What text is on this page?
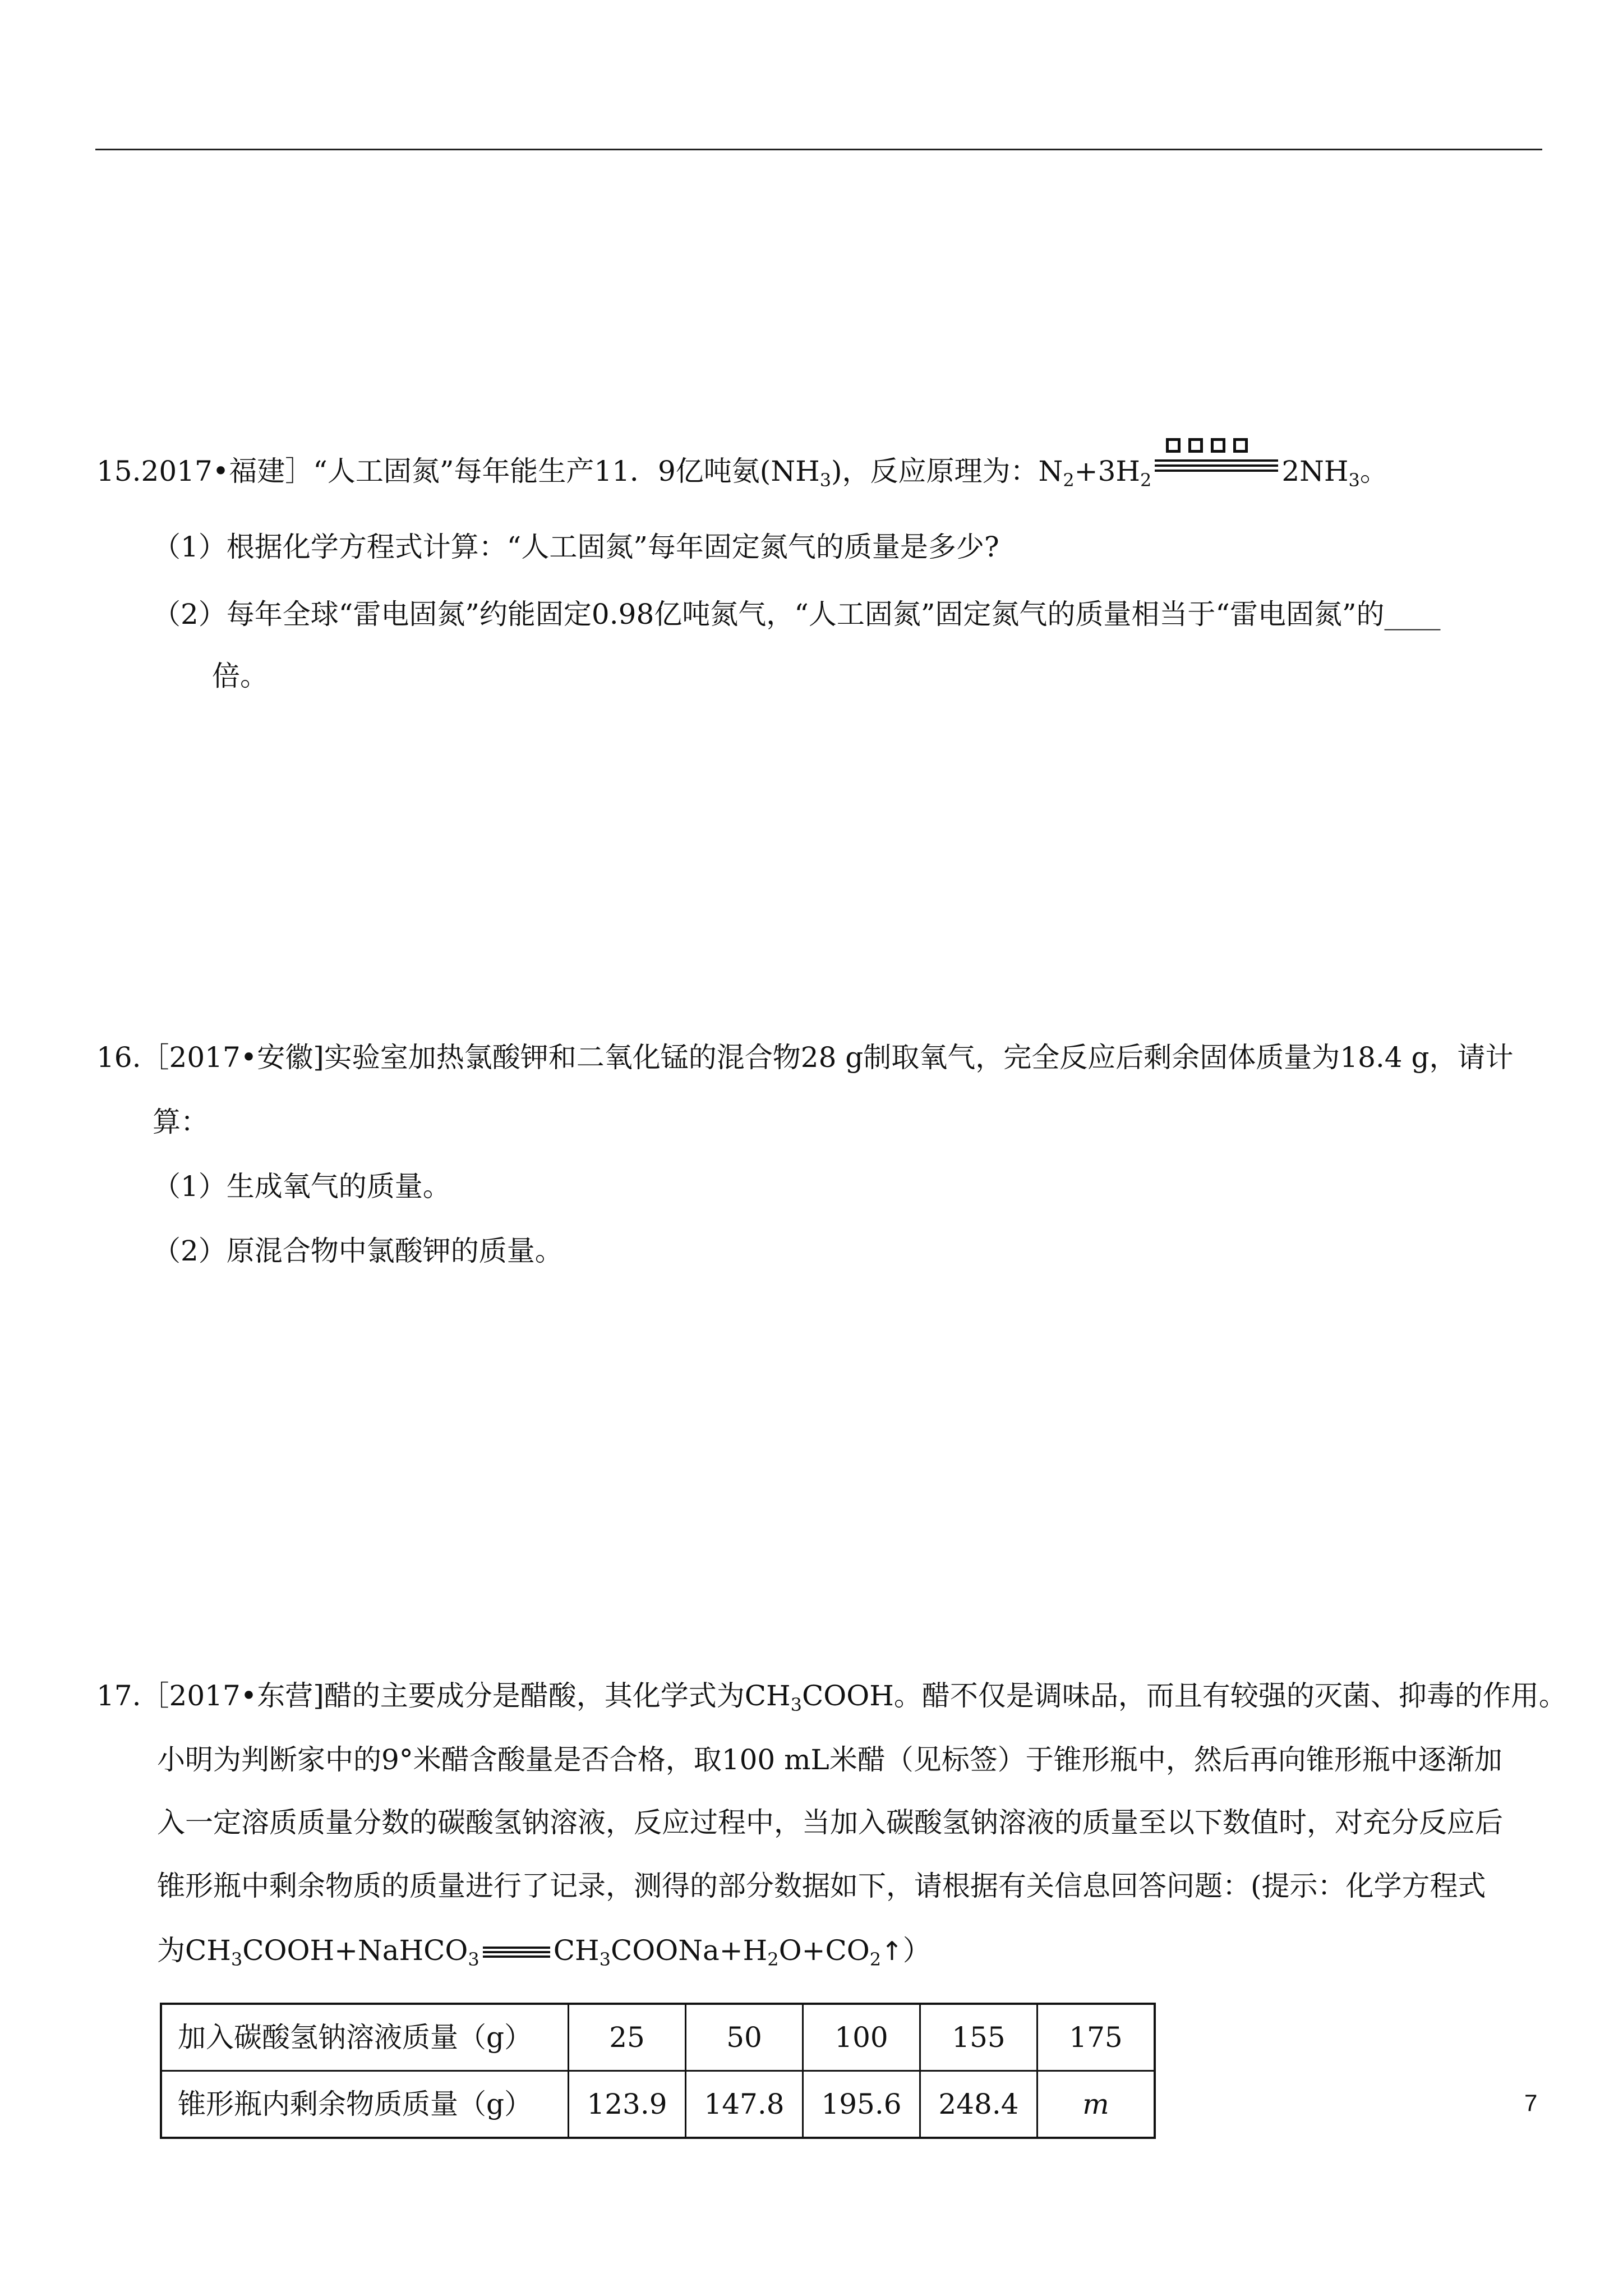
15.2017•福建］“人工固氮”每年能生产11．9亿吨氨$(NH_3)$，反应原理为：$N_2+3H_2$	$2NH_3$。
（1）根据化学方程式计算：“人工固氮”每年固定氮气的质量是多少?
（2）每年全球“雷电固氮”约能固定0.98亿吨氮气，“人工固氮”固定氮气的质量相当于“雷电固氮”的____
倍。
16.［2017•安徽]实验室加热氯酸钾和二氧化锰的混合物28 g制取氧气，完全反应后剩余固体质量为18.4 g，请计
算：
（1）生成氧气的质量。
（2）原混合物中氯酸钾的质量。
17.［2017•东营]醋的主要成分是醋酸，其化学式为$CH_3COOH$。醋不仅是调味品，而且有较强的灭菌、抑毒的作用。
小明为判断家中的9°米醋含酸量是否合格，取100 mL米醋（见标签）于锥形瓶中，然后再向锥形瓶中逐渐加
入一定溶质质量分数的碳酸氢钠溶液，反应过程中，当加入碳酸氢钠溶液的质量至以下数值时，对充分反应后
锥形瓶中剩余物质的质量进行了记录，测得的部分数据如下，请根据有关信息回答问题：(提示：化学方程式
为$CH_3COOH+NaHCO_3$	$CH_3COONa+H_2O+CO_2↑$）
加入碳酸氢钠溶液质量（g）	25	50	100	155	175
锥形瓶内剩余物质质量（g）	123.9	147.8	195.6	248.4	m	7
